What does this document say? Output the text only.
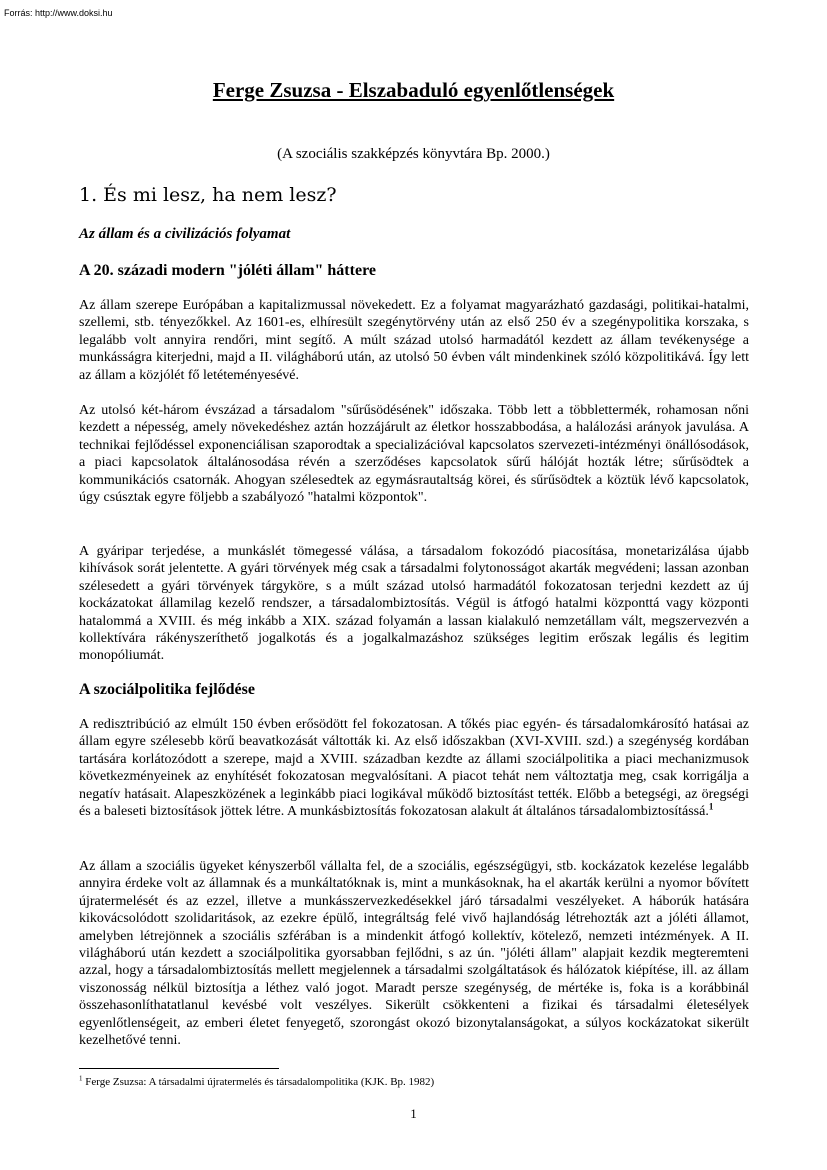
Forrás: http://www.doksi.hu
Ferge Zsuzsa - Elszabaduló egyenlőtlenségek

(A szociális szakképzés könyvtára Bp. 2000.)

1. És mi lesz, ha nem lesz?
Az állam és a civilizációs folyamat
A 20. századi modern "jóléti állam" háttere

Az állam szerepe Európában a kapitalizmussal növekedett. Ez a folyamat magyarázható gazdasági, politikai-hatalmi, szellemi, stb. tényezőkkel. Az 1601-es, elhíresült szegénytörvény után az első 250 év a szegénypolitika korszaka, s legalább volt annyira rendőri, mint segítő. A múlt század utolsó harmadától kezdett az állam tevékenysége a munkásságra kiterjedni, majd a II. világháború után, az utolsó 50 évben vált mindenkinek szóló közpolitikává. Így lett az állam a közjólét fő letéteményesévé.

Az utolsó két-három évszázad a társadalom "sűrűsödésének" időszaka. Több lett a többlettermék, rohamosan nőni kezdett a népesség, amely növekedéshez aztán hozzájárult az életkor hosszabbodása, a halálozási arányok javulása. A technikai fejlődéssel exponenciálisan szaporodtak a specializációval kapcsolatos szervezeti-intézményi önállósodások, a piaci kapcsolatok általánosodása révén a szerződéses kapcsolatok sűrű hálóját hozták létre; sűrűsödtek a kommunikációs csatornák. Ahogyan szélesedtek az egymásrautaltság körei, és sűrűsödtek a köztük lévő kapcsolatok, úgy csúsztak egyre följebb a szabályozó "hatalmi központok".

A gyáripar terjedése, a munkáslét tömegessé válása, a társadalom fokozódó piacosítása, monetarizálása újabb kihívások sorát jelentette. A gyári törvények még csak a társadalmi folytonosságot akarták megvédeni; lassan azonban szélesedett a gyári törvények tárgyköre, s a múlt század utolsó harmadától fokozatosan terjedni kezdett az új kockázatokat államilag kezelő rendszer, a társadalombiztosítás. Végül is átfogó hatalmi központtá vagy központi hatalommá a XVIII. és még inkább a XIX. század folyamán a lassan kialakuló nemzetállam vált, megszervezvén a kollektívára rákényszeríthető jogalkotás és a jogalkalmazáshoz szükséges legitim erőszak legális és legitim monopóliumát.

A szociálpolitika fejlődése

A redisztribúció az elmúlt 150 évben erősödött fel fokozatosan. A tőkés piac egyén- és társadalomkárosító hatásai az állam egyre szélesebb körű beavatkozását váltották ki. Az első időszakban (XVI-XVIII. szd.) a szegénység kordában tartására korlátozódott a szerepe, majd a XVIII. században kezdte az állami szociálpolitika a piaci mechanizmusok következményeinek az enyhítését fokozatosan megvalósítani. A piacot tehát nem változtatja meg, csak korrigálja a negatív hatásait. Alapeszközének a leginkább piaci logikával működő biztosítást tették. Előbb a betegségi, az öregségi és a baleseti biztosítások jöttek létre. A munkásbiztosítás fokozatosan alakult át általános társadalombiztosítássá.$^1$

Az állam a szociális ügyeket kényszerből vállalta fel, de a szociális, egészségügyi, stb. kockázatok kezelése legalább annyira érdeke volt az államnak és a munkáltatóknak is, mint a munkásoknak, ha el akarták kerülni a nyomor bővített újratermelését és az ezzel, illetve a munkásszervezkedésekkel járó társadalmi veszélyeket. A háborúk hatására kikovácsolódott szolidaritások, az ezekre épülő, integráltság felé vivő hajlandóság létrehozták azt a jóléti államot, amelyben létrejönnek a szociális szférában is a mindenkit átfogó kollektív, kötelező, nemzeti intézmények. A II. világháború után kezdett a szociálpolitika gyorsabban fejlődni, s az ún. "jóléti állam" alapjait kezdik megteremteni azzal, hogy a társadalombiztosítás mellett megjelennek a társadalmi szolgáltatások és hálózatok kiépítése, ill. az állam viszonosság nélkül biztosítja a léthez való jogot. Maradt persze szegénység, de mértéke is, foka is a korábbinál összehasonlíthatatlanul kevésbé volt veszélyes. Sikerült csökkenteni a fizikai és társadalmi életesélyek egyenlőtlenségeit, az emberi életet fenyegető, szorongást okozó bizonytalanságokat, a súlyos kockázatokat sikerült kezelhetővé tenni.

$^1$ Ferge Zsuzsa: A társadalmi újratermelés és társadalompolitika (KJK. Bp. 1982)

1
